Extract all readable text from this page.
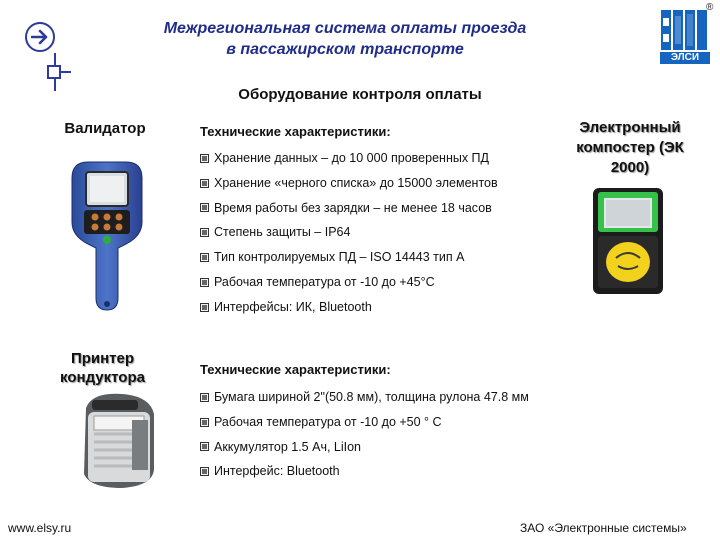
Межрегиональная система оплаты проезда
в пассажирском транспорте	ЭЛСИ
®
Оборудование контроля оплаты
Валидатор	Технические характеристики:
Хранение данных – до 10 000 проверенных ПД
Хранение «черного списка» до 15000 элементов
Время работы без зарядки – не менее 18 часов
Степень защиты – IP64
Тип контролируемых ПД – ISO 14443 тип А
Рабочая температура от -10 до +45°С
Интерфейсы: ИК, Bluetooth
Электронный
компостер (ЭК
2000)
Принтер
кондуктора	Технические характеристики:
Бумага шириной 2"(50.8 мм), толщина рулона 47.8 мм
Рабочая температура от -10 до +50 ° С
Аккумулятор 1.5 Ач, LiIon
Интерфейс: Bluetooth
www.elsy.ru	ЗАО «Электронные системы»
